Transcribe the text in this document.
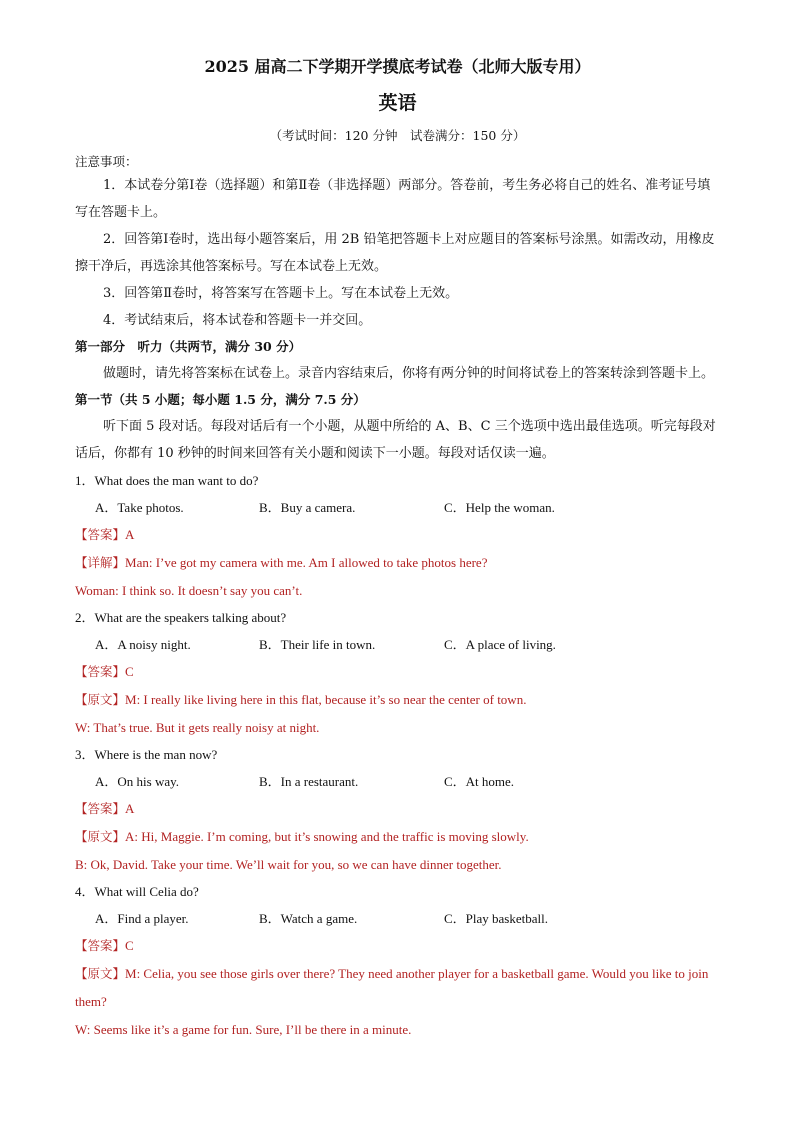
2025 届高二下学期开学摸底考试卷（北师大版专用）

英语

（考试时间：120 分钟　试卷满分：150 分）

注意事项：

1．本试卷分第Ⅰ卷（选择题）和第Ⅱ卷（非选择题）两部分。答卷前，考生务必将自己的姓名、准考证号填写在答题卡上。

2．回答第Ⅰ卷时，选出每小题答案后，用 2B 铅笔把答题卡上对应题目的答案标号涂黑。如需改动，用橡皮擦干净后，再选涂其他答案标号。写在本试卷上无效。

3．回答第Ⅱ卷时，将答案写在答题卡上。写在本试卷上无效。

4．考试结束后，将本试卷和答题卡一并交回。

第一部分　听力（共两节，满分 30 分）

做题时，请先将答案标在试卷上。录音内容结束后，你将有两分钟的时间将试卷上的答案转涂到答题卡上。

第一节（共 5 小题；每小题 1.5 分，满分 7.5 分）

听下面 5 段对话。每段对话后有一个小题，从题中所给的 A、B、C 三个选项中选出最佳选项。听完每段对话后，你都有 10 秒钟的时间来回答有关小题和阅读下一小题。每段对话仅读一遍。

1．What does the man want to do?

A．Take photos.	B．Buy a camera.	C．Help the woman.

【答案】A

【详解】Man: I’ve got my camera with me. Am I allowed to take photos here?

Woman: I think so. It doesn’t say you can’t.

2．What are the speakers talking about?

A．A noisy night.	B．Their life in town.	C．A place of living.

【答案】C

【原文】M: I really like living here in this flat, because it’s so near the center of town.

W: That’s true. But it gets really noisy at night.

3．Where is the man now?

A．On his way.	B．In a restaurant.	C．At home.

【答案】A

【原文】A: Hi, Maggie. I’m coming, but it’s snowing and the traffic is moving slowly.

B: Ok, David. Take your time. We’ll wait for you, so we can have dinner together.

4．What will Celia do?

A．Find a player.	B．Watch a game.	C．Play basketball.

【答案】C

【原文】M: Celia, you see those girls over there? They need another player for a basketball game. Would you like to join them?

W: Seems like it’s a game for fun. Sure, I’ll be there in a minute.
